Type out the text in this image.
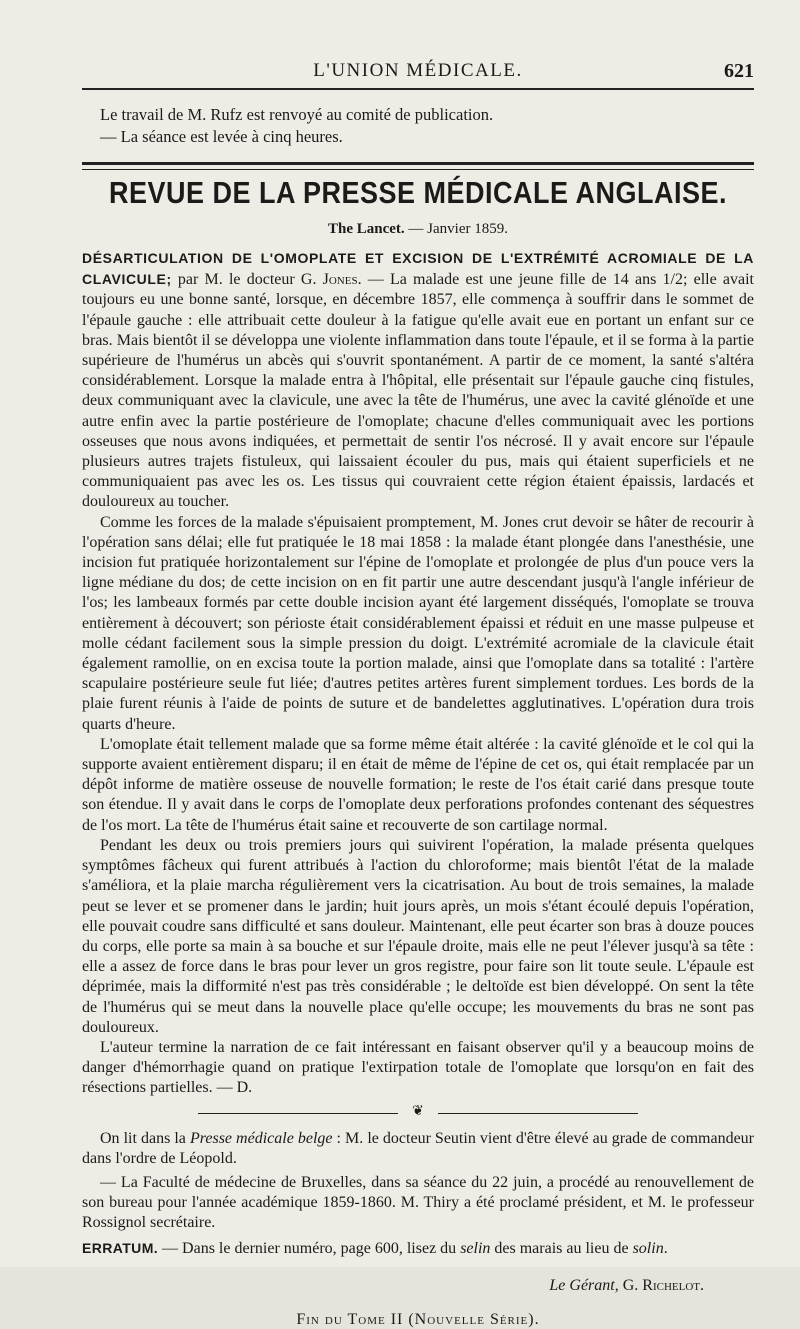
L'UNION MÉDICALE.	621

Le travail de M. Rufz est renvoyé au comité de publication.

— La séance est levée à cinq heures.

REVUE DE LA PRESSE MÉDICALE ANGLAISE.
The Lancet. — Janvier 1859.

DÉSARTICULATION DE L'OMOPLATE ET EXCISION DE L'EXTRÉMITÉ ACROMIALE DE LA CLAVICULE; par M. le docteur G. Jones. — La malade est une jeune fille de 14 ans 1/2; elle avait toujours eu une bonne santé, lorsque, en décembre 1857, elle commença à souffrir dans le sommet de l'épaule gauche : elle attribuait cette douleur à la fatigue qu'elle avait eue en portant un enfant sur ce bras. Mais bientôt il se développa une violente inflammation dans toute l'épaule, et il se forma à la partie supérieure de l'humérus un abcès qui s'ouvrit spontanément. A partir de ce moment, la santé s'altéra considérablement. Lorsque la malade entra à l'hôpital, elle présentait sur l'épaule gauche cinq fistules, deux communiquant avec la clavicule, une avec la tête de l'humérus, une avec la cavité glénoïde et une autre enfin avec la partie postérieure de l'omoplate; chacune d'elles communiquait avec les portions osseuses que nous avons indiquées, et permettait de sentir l'os nécrosé. Il y avait encore sur l'épaule plusieurs autres trajets fistuleux, qui laissaient écouler du pus, mais qui étaient superficiels et ne communiquaient pas avec les os. Les tissus qui couvraient cette région étaient épaissis, lardacés et douloureux au toucher.

Comme les forces de la malade s'épuisaient promptement, M. Jones crut devoir se hâter de recourir à l'opération sans délai; elle fut pratiquée le 18 mai 1858 : la malade étant plongée dans l'anesthésie, une incision fut pratiquée horizontalement sur l'épine de l'omoplate et prolongée de plus d'un pouce vers la ligne médiane du dos; de cette incision on en fit partir une autre descendant jusqu'à l'angle inférieur de l'os; les lambeaux formés par cette double incision ayant été largement disséqués, l'omoplate se trouva entièrement à découvert; son périoste était considérablement épaissi et réduit en une masse pulpeuse et molle cédant facilement sous la simple pression du doigt. L'extrémité acromiale de la clavicule était également ramollie, on en excisa toute la portion malade, ainsi que l'omoplate dans sa totalité : l'artère scapulaire postérieure seule fut liée; d'autres petites artères furent simplement tordues. Les bords de la plaie furent réunis à l'aide de points de suture et de bandelettes agglutinatives. L'opération dura trois quarts d'heure.

L'omoplate était tellement malade que sa forme même était altérée : la cavité glénoïde et le col qui la supporte avaient entièrement disparu; il en était de même de l'épine de cet os, qui était remplacée par un dépôt informe de matière osseuse de nouvelle formation; le reste de l'os était carié dans presque toute son étendue. Il y avait dans le corps de l'omoplate deux perforations profondes contenant des séquestres de l'os mort. La tête de l'humérus était saine et recouverte de son cartilage normal.

Pendant les deux ou trois premiers jours qui suivirent l'opération, la malade présenta quelques symptômes fâcheux qui furent attribués à l'action du chloroforme; mais bientôt l'état de la malade s'améliora, et la plaie marcha régulièrement vers la cicatrisation. Au bout de trois semaines, la malade peut se lever et se promener dans le jardin; huit jours après, un mois s'étant écoulé depuis l'opération, elle pouvait coudre sans difficulté et sans douleur. Maintenant, elle peut écarter son bras à douze pouces du corps, elle porte sa main à sa bouche et sur l'épaule droite, mais elle ne peut l'élever jusqu'à sa tête : elle a assez de force dans le bras pour lever un gros registre, pour faire son lit toute seule. L'épaule est déprimée, mais la difformité n'est pas très considérable ; le deltoïde est bien développé. On sent la tête de l'humérus qui se meut dans la nouvelle place qu'elle occupe; les mouvements du bras ne sont pas douloureux.

L'auteur termine la narration de ce fait intéressant en faisant observer qu'il y a beaucoup moins de danger d'hémorrhagie quand on pratique l'extirpation totale de l'omoplate que lorsqu'on en fait des résections partielles. — D.

❦

On lit dans la Presse médicale belge : M. le docteur Seutin vient d'être élevé au grade de commandeur dans l'ordre de Léopold.

— La Faculté de médecine de Bruxelles, dans sa séance du 22 juin, a procédé au renouvellement de son bureau pour l'année académique 1859-1860. M. Thiry a été proclamé président, et M. le professeur Rossignol secrétaire.

ERRATUM. — Dans le dernier numéro, page 600, lisez du selin des marais au lieu de solin.

Le Gérant, G. Richelot.
Fin du Tome II (Nouvelle Série).
